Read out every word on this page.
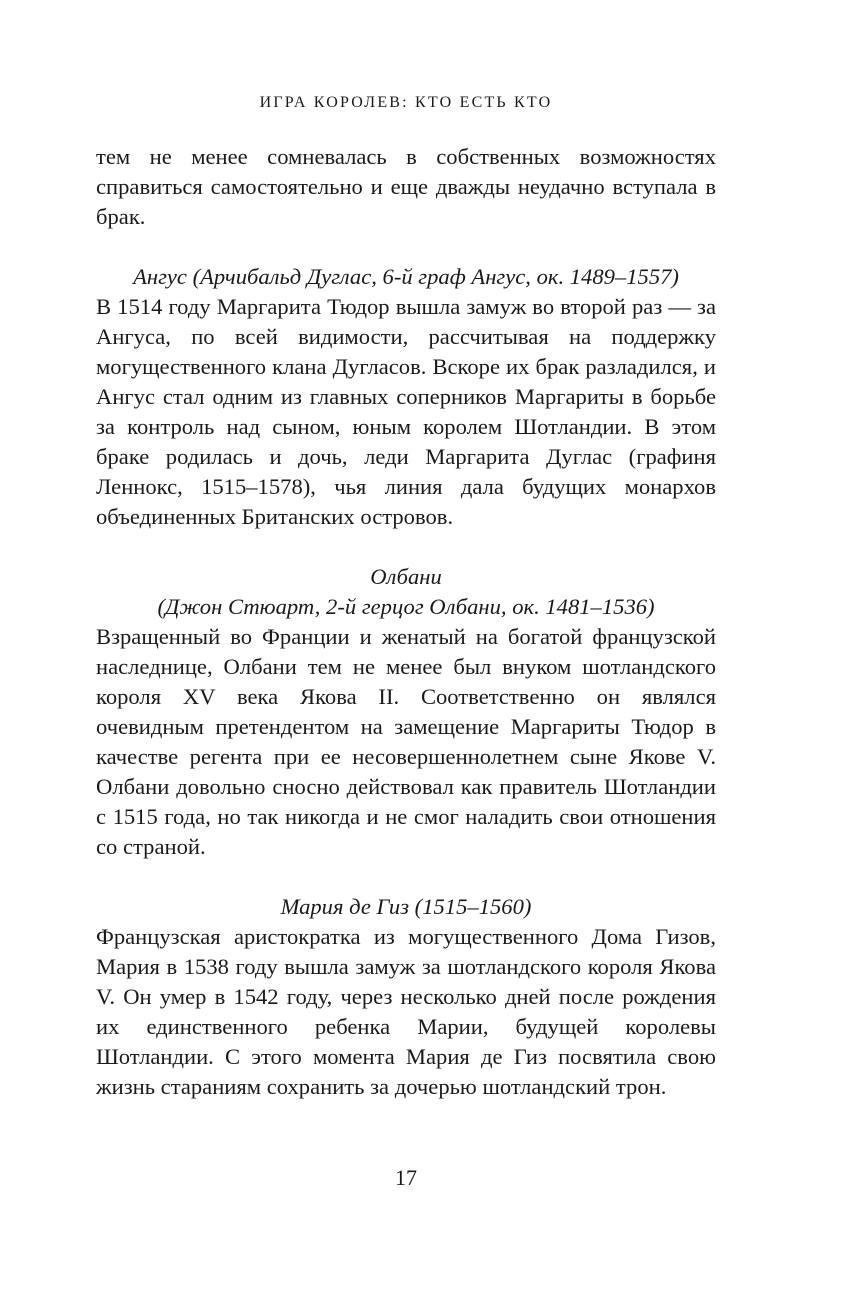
ИГРА КОРОЛЕВ: КТО ЕСТЬ КТО

тем не менее сомневалась в собственных возможностях справиться самостоятельно и еще дважды неудачно вступала в брак.

Ангус (Арчибальд Дуглас, 6-й граф Ангус, ок. 1489–1557)

В 1514 году Маргарита Тюдор вышла замуж во второй раз — за Ангуса, по всей видимости, рассчитывая на поддержку могущественного клана Дугласов. Вскоре их брак разладился, и Ангус стал одним из главных соперников Маргариты в борьбе за контроль над сыном, юным королем Шотландии. В этом браке родилась и дочь, леди Маргарита Дуглас (графиня Леннокс, 1515–1578), чья линия дала будущих монархов объединенных Британских островов.

Олбани
(Джон Стюарт, 2-й герцог Олбани, ок. 1481–1536)

Взращенный во Франции и женатый на богатой французской наследнице, Олбани тем не менее был внуком шотландского короля XV века Якова II. Соответственно он являлся очевидным претендентом на замещение Маргариты Тюдор в качестве регента при ее несовершеннолетнем сыне Якове V. Олбани довольно сносно действовал как правитель Шотландии с 1515 года, но так никогда и не смог наладить свои отношения со страной.

Мария де Гиз (1515–1560)

Французская аристократка из могущественного Дома Гизов, Мария в 1538 году вышла замуж за шотландского короля Якова V. Он умер в 1542 году, через несколько дней после рождения их единственного ребенка Марии, будущей королевы Шотландии. С этого момента Мария де Гиз посвятила свою жизнь стараниям сохранить за дочерью шотландский трон.

17
